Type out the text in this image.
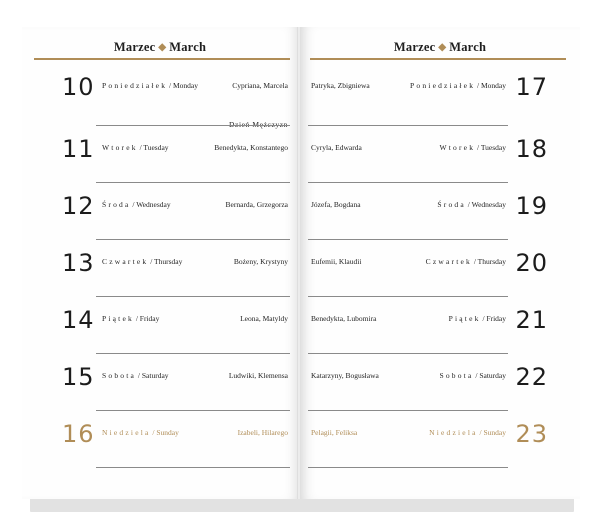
Marzec ◆ March
10 Poniedziałek / Monday	Cypriana, Marcela
11 Wtorek / Tuesday	Benedykta, Konstantego
12 Środa / Wednesday	Bernarda, Grzegorza
13 Czwartek / Thursday	Bożeny, Krystyny
14 Piątek / Friday	Leona, Matyldy
15 Sobota / Saturday	Ludwiki, Klemensa
16 Niedziela / Sunday	Izabeli, Hilarego
Marzec ◆ March
Patryka, Zbigniewa	Poniedziałek / Monday 17
Cyryla, Edwarda	Wtorek / Tuesday 18
Józefa, Bogdana	Środa / Wednesday 19
Eufemii, Klaudii	Czwartek / Thursday 20
Benedykta, Lubomira	Piątek / Friday 21
Katarzyny, Bogusława	Sobota / Saturday 22
Pelagii, Feliksa	Niedziela / Sunday 23
